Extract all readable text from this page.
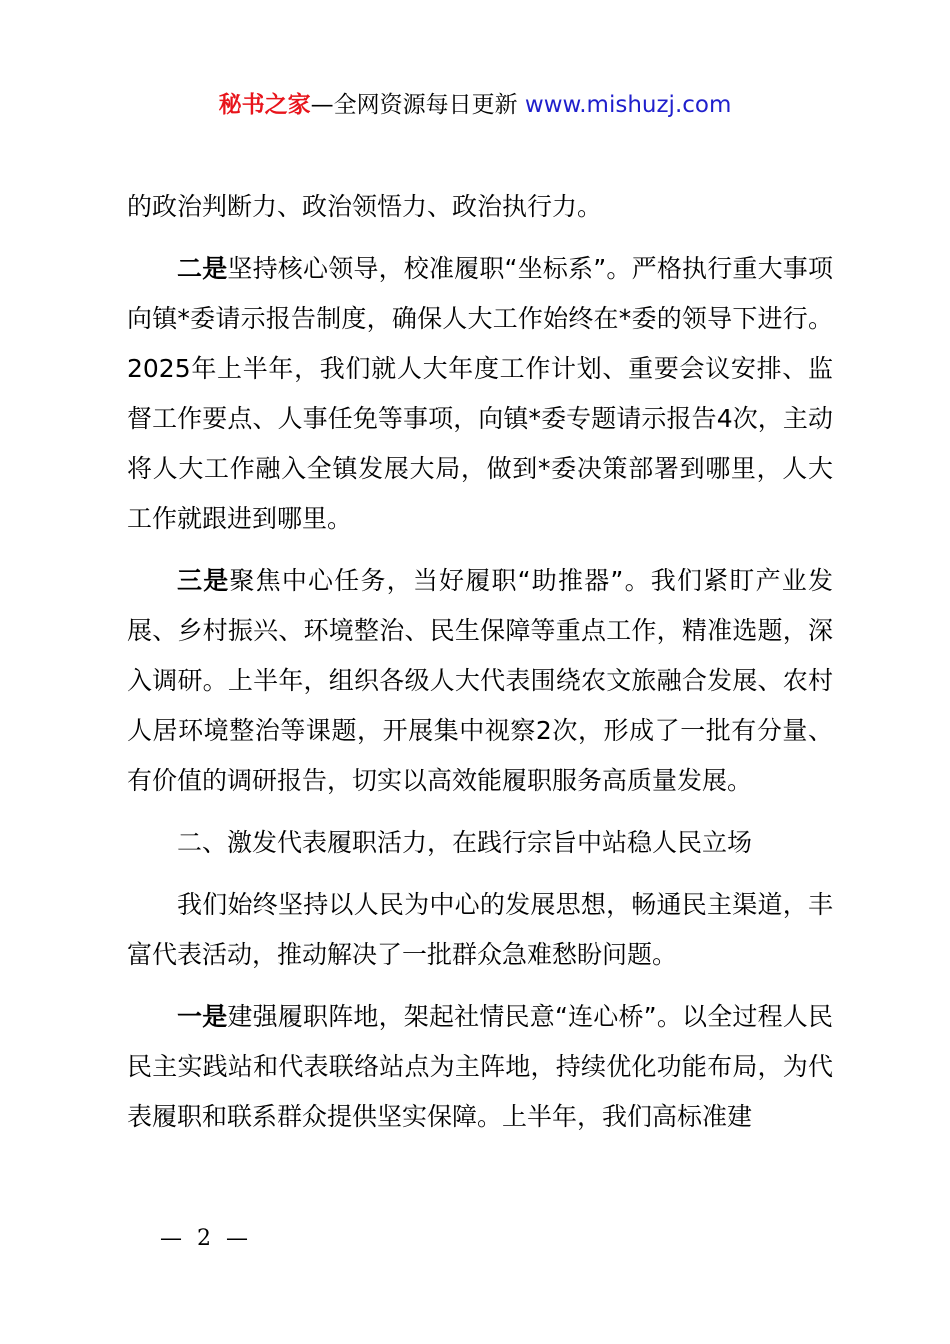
秘书之家—全网资源每日更新 www.mishuzj.com

的政治判断力、政治领悟力、政治执行力。

二是坚持核心领导，校准履职“坐标系”。严格执行重大事项向镇*委请示报告制度，确保人大工作始终在*委的领导下进行。2025年上半年，我们就人大年度工作计划、重要会议安排、监督工作要点、人事任免等事项，向镇*委专题请示报告4次，主动将人大工作融入全镇发展大局，做到*委决策部署到哪里，人大工作就跟进到哪里。

三是聚焦中心任务，当好履职“助推器”。我们紧盯产业发展、乡村振兴、环境整治、民生保障等重点工作，精准选题，深入调研。上半年，组织各级人大代表围绕农文旅融合发展、农村人居环境整治等课题，开展集中视察2次，形成了一批有分量、有价值的调研报告，切实以高效能履职服务高质量发展。

二、激发代表履职活力，在践行宗旨中站稳人民立场

我们始终坚持以人民为中心的发展思想，畅通民主渠道，丰富代表活动，推动解决了一批群众急难愁盼问题。

一是建强履职阵地，架起社情民意“连心桥”。以全过程人民民主实践站和代表联络站点为主阵地，持续优化功能布局，为代表履职和联系群众提供坚实保障。上半年，我们高标准建

— 2 —
